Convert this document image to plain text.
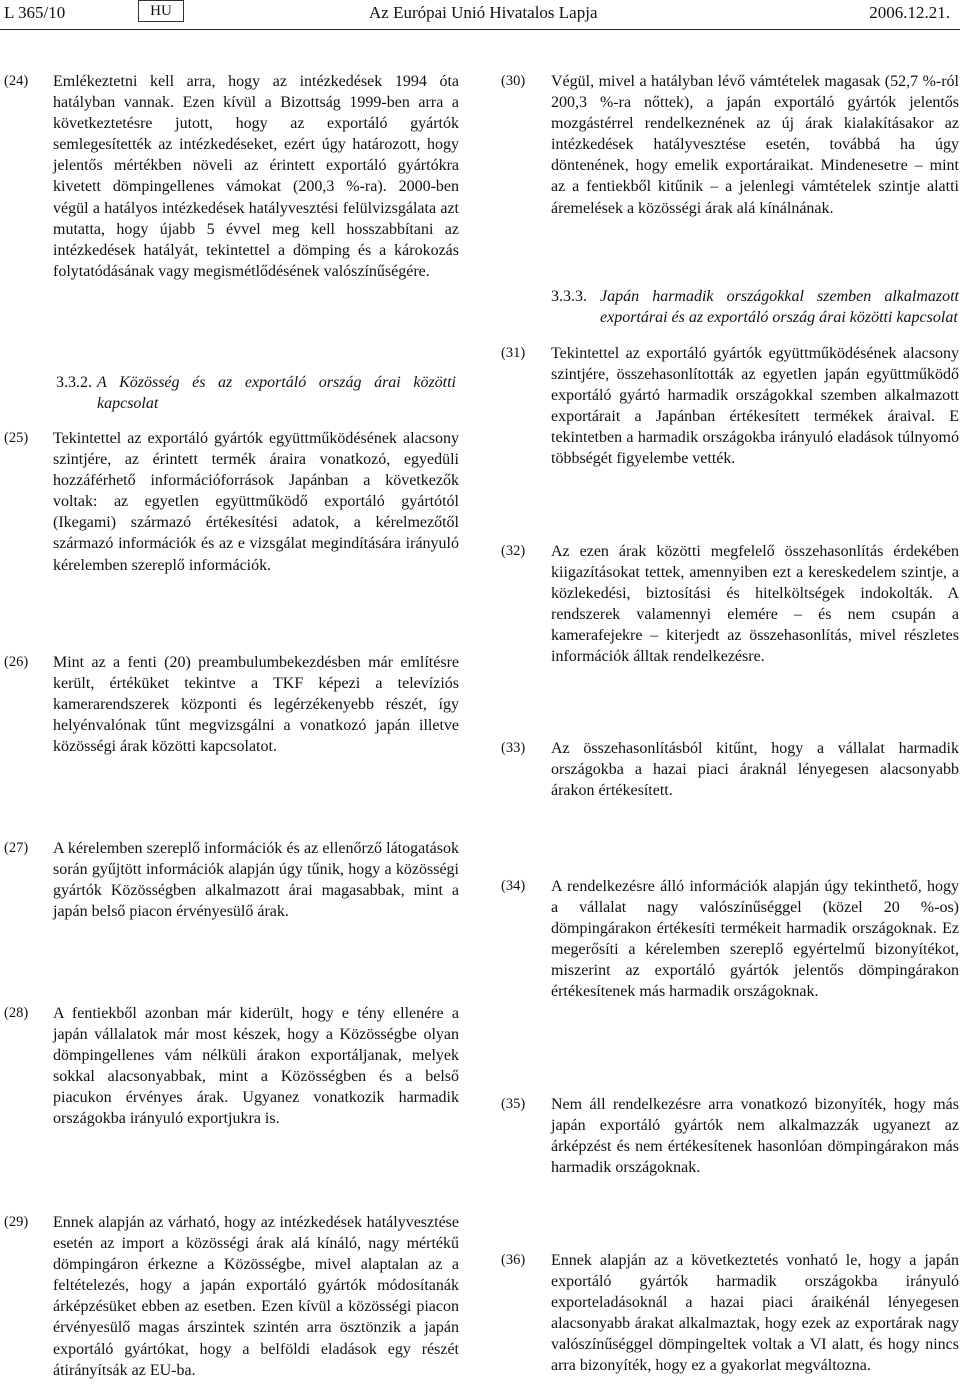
L 365/10	HU	Az Európai Unió Hivatalos Lapja	2006.12.21.
(24) Emlékeztetni kell arra, hogy az intézkedések 1994 óta hatályban vannak. Ezen kívül a Bizottság 1999-ben arra a következtetésre jutott, hogy az exportáló gyártók semlegesítették az intézkedéseket, ezért úgy határozott, hogy jelentős mértékben növeli az érintett exportáló gyártókra kivetett dömpingellenes vámokat (200,3 %-ra). 2000-ben végül a hatályos intézkedések hatályvesztési felülvizsgálata azt mutatta, hogy újabb 5 évvel meg kell hosszabbítani az intézkedések hatályát, tekintettel a dömping és a károkozás folytatódásának vagy megismétlődésének valószínűségére.
3.3.2. A Közösség és az exportáló ország árai közötti kapcsolat
(25) Tekintettel az exportáló gyártók együttműködésének alacsony szintjére, az érintett termék áraira vonatkozó, egyedüli hozzáférhető információforrások Japánban a következők voltak: az egyetlen együttműködő exportáló gyártótól (Ikegami) származó értékesítési adatok, a kérelmezőtől származó információk és az e vizsgálat megindítására irányuló kérelemben szereplő információk.
(26) Mint az a fenti (20) preambulumbekezdésben már említésre került, értéküket tekintve a TKF képezi a televíziós kamerarendszerek központi és legérzékenyebb részét, így helyénvalónak tűnt megvizsgálni a vonatkozó japán illetve közösségi árak közötti kapcsolatot.
(27) A kérelemben szereplő információk és az ellenőrző látogatások során gyűjtött információk alapján úgy tűnik, hogy a közösségi gyártók Közösségben alkalmazott árai magasabbak, mint a japán belső piacon érvényesülő árak.
(28) A fentiekből azonban már kiderült, hogy e tény ellenére a japán vállalatok már most készek, hogy a Közösségbe olyan dömpingellenes vám nélküli árakon exportáljanak, melyek sokkal alacsonyabbak, mint a Közösségben és a belső piacukon érvényes árak. Ugyanez vonatkozik harmadik országokba irányuló exportjukra is.
(29) Ennek alapján az várható, hogy az intézkedések hatályvesztése esetén az import a közösségi árak alá kínáló, nagy mértékű dömpingáron érkezne a Közösségbe, mivel alaptalan az a feltételezés, hogy a japán exportáló gyártók módosítanák árképzésüket ebben az esetben. Ezen kívül a közösségi piacon érvényesülő magas árszintek szintén arra ösztönzik a japán exportáló gyártókat, hogy a belföldi eladások egy részét átirányítsák az EU-ba.
(30) Végül, mivel a hatályban lévő vámtételek magasak (52,7 %-ról 200,3 %-ra nőttek), a japán exportáló gyártók jelentős mozgástérrel rendelkeznének az új árak kialakításakor az intézkedések hatályvesztése esetén, továbbá ha úgy döntenének, hogy emelik exportáraikat. Mindenesetre – mint az a fentiekből kitűnik – a jelenlegi vámtételek szintje alatti áremelések a közösségi árak alá kínálnának.
3.3.3. Japán harmadik országokkal szemben alkalmazott exportárai és az exportáló ország árai közötti kapcsolat
(31) Tekintettel az exportáló gyártók együttműködésének alacsony szintjére, összehasonlították az egyetlen japán együttműködő exportáló gyártó harmadik országokkal szemben alkalmazott exportárait a Japánban értékesített termékek áraival. E tekintetben a harmadik országokba irányuló eladások túlnyomó többségét figyelembe vették.
(32) Az ezen árak közötti megfelelő összehasonlítás érdekében kiigazításokat tettek, amennyiben ezt a kereskedelem szintje, a közlekedési, biztosítási és hitelköltségek indokolták. A rendszerek valamennyi elemére – és nem csupán a kamerafejekre – kiterjedt az összehasonlítás, mivel részletes információk álltak rendelkezésre.
(33) Az összehasonlításból kitűnt, hogy a vállalat harmadik országokba a hazai piaci áraknál lényegesen alacsonyabb árakon értékesített.
(34) A rendelkezésre álló információk alapján úgy tekinthető, hogy a vállalat nagy valószínűséggel (közel 20 %-os) dömpingárakon értékesíti termékeit harmadik országoknak. Ez megerősíti a kérelemben szereplő egyértelmű bizonyítékot, miszerint az exportáló gyártók jelentős dömpingárakon értékesítenek más harmadik országoknak.
(35) Nem áll rendelkezésre arra vonatkozó bizonyíték, hogy más japán exportáló gyártók nem alkalmazzák ugyanezt az árképzést és nem értékesítenek hasonlóan dömpingárakon más harmadik országoknak.
(36) Ennek alapján az a következtetés vonható le, hogy a japán exportáló gyártók harmadik országokba irányuló exporteladásoknál a hazai piaci áraikénál lényegesen alacsonyabb árakat alkalmaztak, hogy ezek az exportárak nagy valószínűséggel dömpingeltek voltak a VI alatt, és hogy nincs arra bizonyíték, hogy ez a gyakorlat megváltozna.
